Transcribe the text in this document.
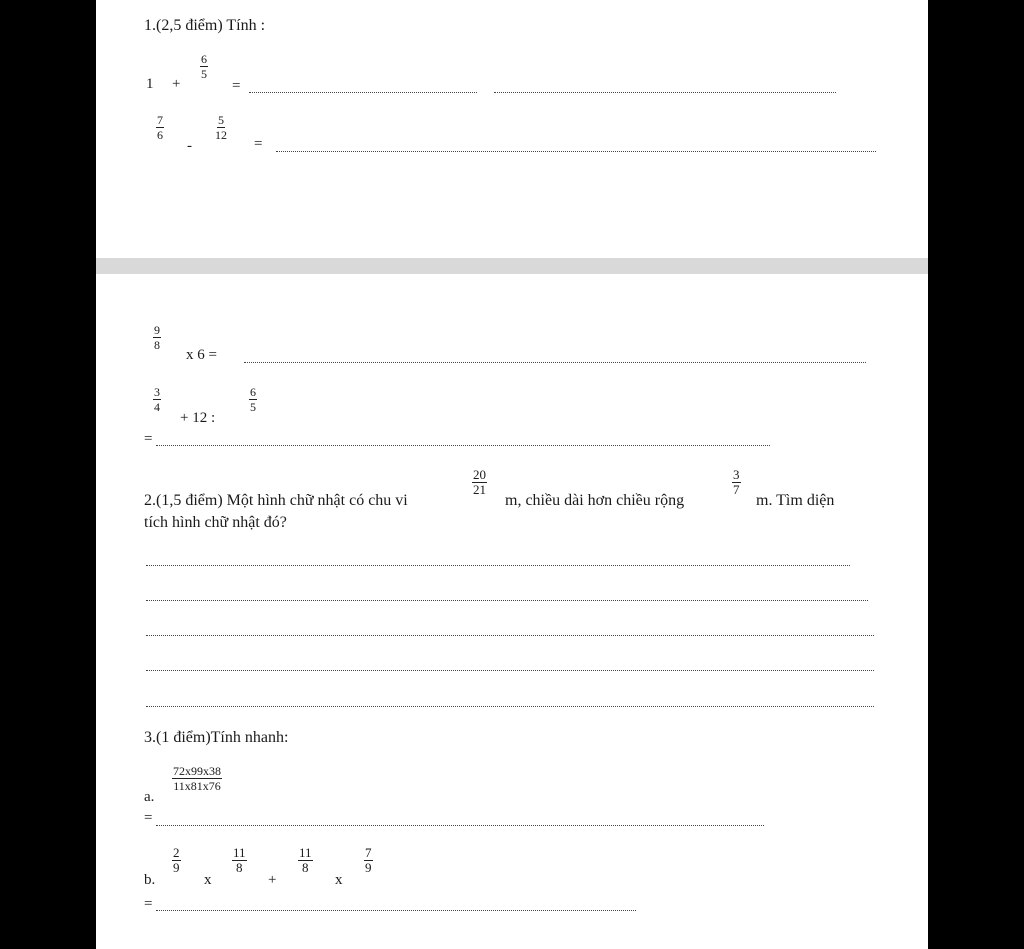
1.(2,5 điểm) Tính :
1 +
$\frac{6}{5}$
=
$\frac{7}{6}$
-
$\frac{5}{12}$
=
$\frac{9}{8}$
x 6 =
$\frac{3}{4}$
+ 12 :
$\frac{6}{5}$
=
2.(1,5 điểm) Một hình chữ nhật có chu vi
$\frac{20}{21}$
m, chiều dài hơn chiều rộng
$\frac{3}{7}$
m. Tìm diện
tích hình chữ nhật đó?
3.(1 điểm)Tính nhanh:
a.
$\frac{72x99x38}{11x81x76}$
=
b.
$\frac{2}{9}$
x
$\frac{11}{8}$
+
$\frac{11}{8}$
x
$\frac{7}{9}$
=
